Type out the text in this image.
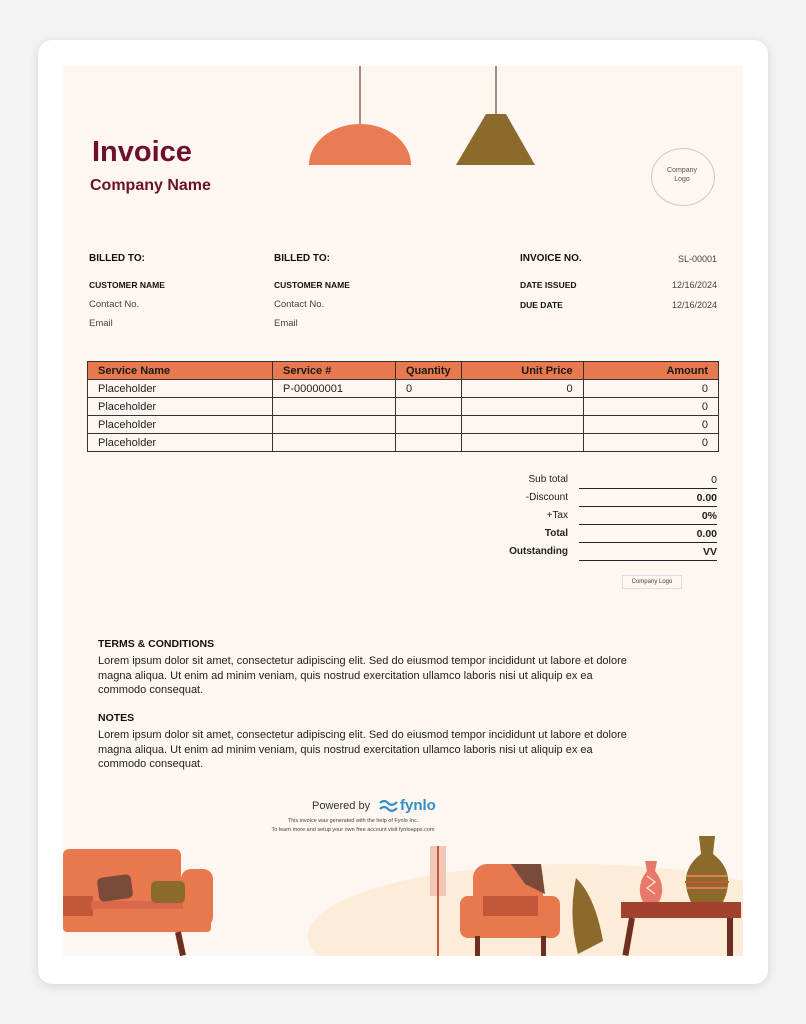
Invoice
Company Name
Company
Logo
BILLED TO:
CUSTOMER NAME
Contact No.
Email
BILLED TO:
CUSTOMER NAME
Contact No.
Email
INVOICE NO.	SL-00001
DATE ISSUED	12/16/2024
DUE DATE	12/16/2024
Service Name	Service #	Quantity	Unit Price	Amount
Placeholder	P-00000001	0	0	0
Placeholder				0
Placeholder				0
Placeholder				0
Sub total	0
-Discount	0.00
+Tax	0%
Total	0.00
Outstanding	VV
Company Logo
TERMS & CONDITIONS
Lorem ipsum dolor sit amet, consectetur adipiscing elit. Sed do eiusmod tempor incididunt ut labore et dolore magna aliqua. Ut enim ad minim veniam, quis nostrud exercitation ullamco laboris nisi ut aliquip ex ea commodo consequat.
NOTES
Lorem ipsum dolor sit amet, consectetur adipiscing elit. Sed do eiusmod tempor incididunt ut labore et dolore magna aliqua. Ut enim ad minim veniam, quis nostrud exercitation ullamco laboris nisi ut aliquip ex ea commodo consequat.
Powered by fynlo
This invoice was generated with the help of Fynlo Inc.
To learn more and setup your own free account visit fynloapps.com
